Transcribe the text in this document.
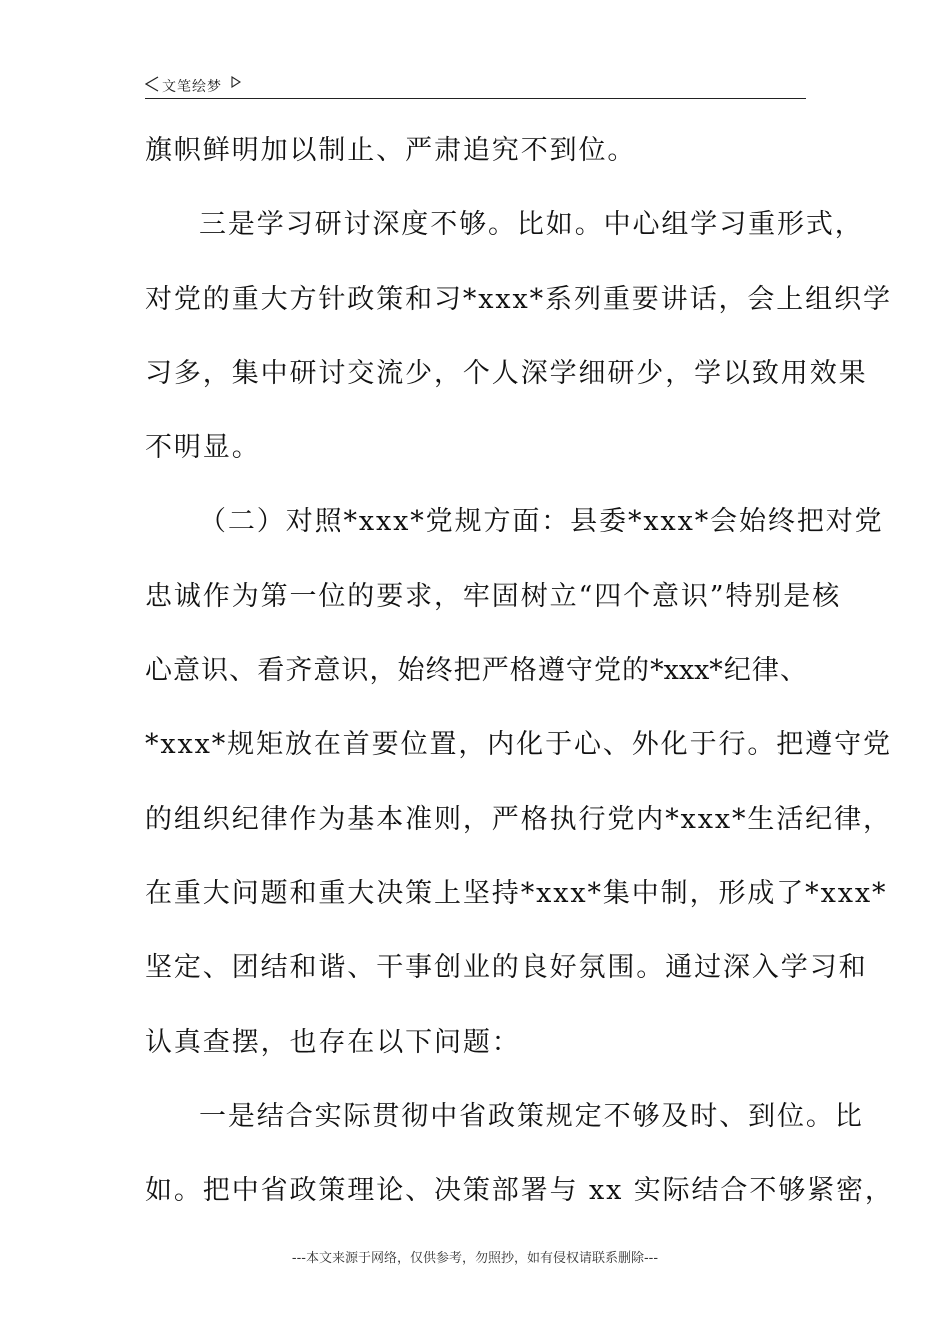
文笔绘梦
旗帜鲜明加以制止、严肃追究不到位。
三是学习研讨深度不够。比如。中心组学习重形式，
对党的重大方针政策和习*xxx*系列重要讲话，会上组织学
习多，集中研讨交流少，个人深学细研少，学以致用效果
不明显。
（二）对照*xxx*党规方面：县委*xxx*会始终把对党
忠诚作为第一位的要求，牢固树立“四个意识”特别是核
心意识、看齐意识，始终把严格遵守党的*xxx*纪律、
*xxx*规矩放在首要位置，内化于心、外化于行。把遵守党
的组织纪律作为基本准则，严格执行党内*xxx*生活纪律，
在重大问题和重大决策上坚持*xxx*集中制，形成了*xxx*
坚定、团结和谐、干事创业的良好氛围。通过深入学习和
认真查摆，也存在以下问题：
一是结合实际贯彻中省政策规定不够及时、到位。比
如。把中省政策理论、决策部署与 xx 实际结合不够紧密，
---本文来源于网络，仅供参考，勿照抄，如有侵权请联系删除---
